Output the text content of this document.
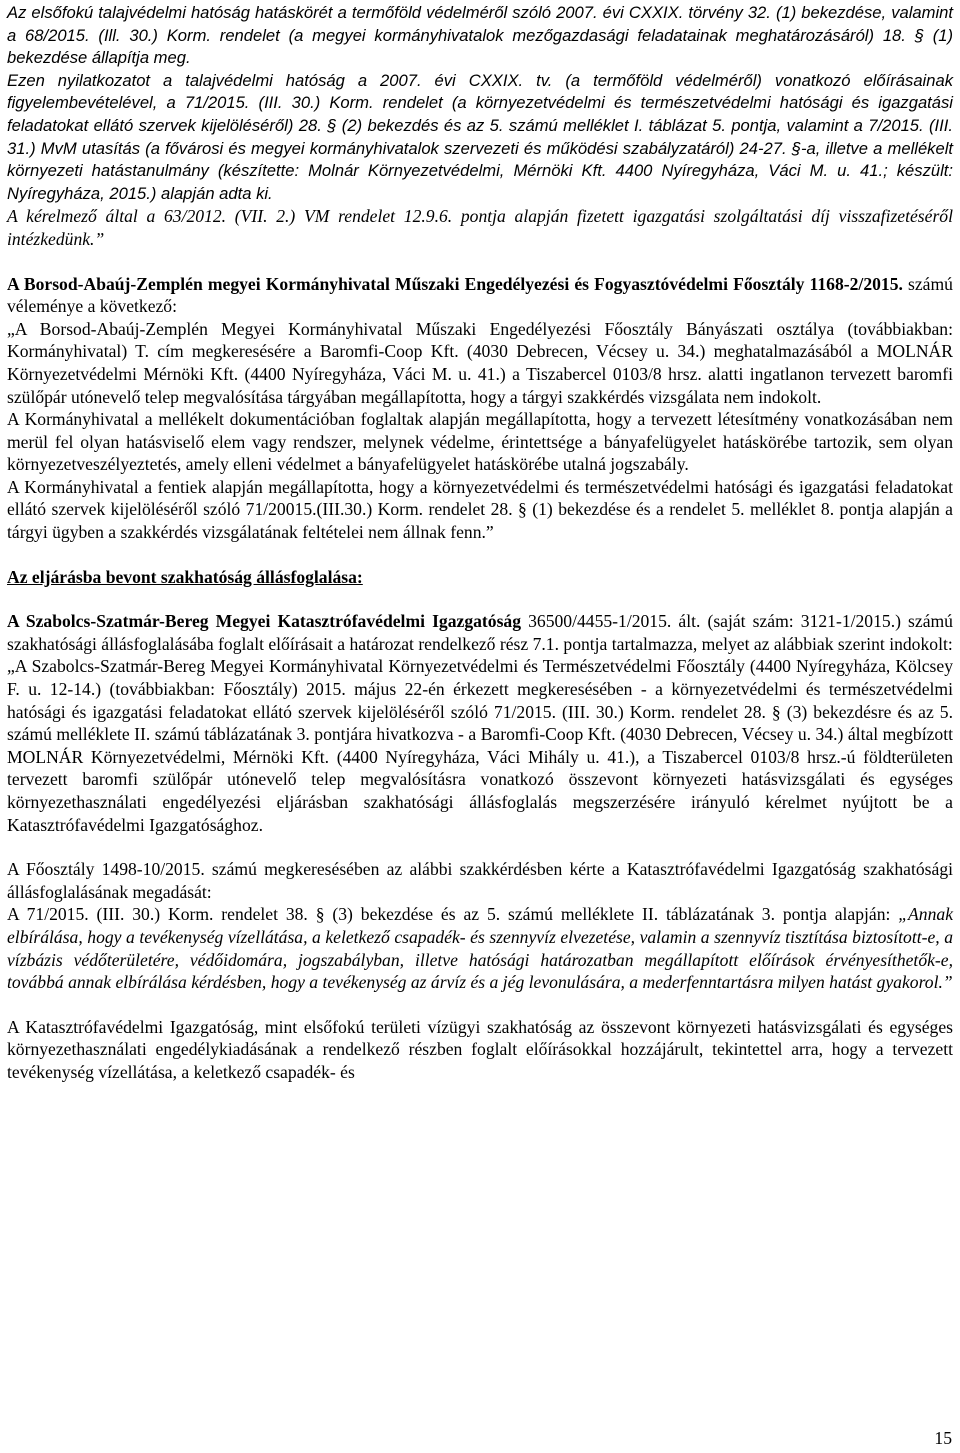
Az elsőfokú talajvédelmi hatóság hatáskörét a termőföld védelméről szóló 2007. évi CXXIX. törvény 32. (1) bekezdése, valamint a 68/2015. (Ill. 30.) Korm. rendelet (a megyei kormányhivatalok mezőgazdasági feladatainak meghatározásáról) 18. § (1) bekezdése állapítja meg.

Ezen nyilatkozatot a talajvédelmi hatóság a 2007. évi CXXIX. tv. (a termőföld védelméről) vonatkozó előírásainak figyelembevételével, a 71/2015. (III. 30.) Korm. rendelet (a környezetvédelmi és természetvédelmi hatósági és igazgatási feladatokat ellátó szervek kijelöléséről) 28. § (2) bekezdés és az 5. számú melléklet I. táblázat 5. pontja, valamint a 7/2015. (III. 31.) MvM utasítás (a fővárosi és megyei kormányhivatalok szervezeti és működési szabályzatáról) 24-27. §-a, illetve a mellékelt környezeti hatástanulmány (készítette: Molnár Környezetvédelmi, Mérnöki Kft. 4400 Nyíregyháza, Váci M. u. 41.; készült: Nyíregyháza, 2015.) alapján adta ki.

A kérelmező által a 63/2012. (VII. 2.) VM rendelet 12.9.6. pontja alapján fizetett igazgatási szolgáltatási díj visszafizetéséről intézkedünk.”

A Borsod-Abaúj-Zemplén megyei Kormányhivatal Műszaki Engedélyezési és Fogyasztóvédelmi Főosztály 1168-2/2015. számú véleménye a következő:

„A Borsod-Abaúj-Zemplén Megyei Kormányhivatal Műszaki Engedélyezési Főosztály Bányászati osztálya (továbbiakban: Kormányhivatal) T. cím megkeresésére a Baromfi-Coop Kft. (4030 Debrecen, Vécsey u. 34.) meghatalmazásából a MOLNÁR Környezetvédelmi Mérnöki Kft. (4400 Nyíregyháza, Váci M. u. 41.) a Tiszabercel 0103/8 hrsz. alatti ingatlanon tervezett baromfi szülőpár utónevelő telep megvalósítása tárgyában megállapította, hogy a tárgyi szakkérdés vizsgálata nem indokolt.

A Kormányhivatal a mellékelt dokumentációban foglaltak alapján megállapította, hogy a tervezett létesítmény vonatkozásában nem merül fel olyan hatásviselő elem vagy rendszer, melynek védelme, érintettsége a bányafelügyelet hatáskörébe tartozik, sem olyan környezetveszélyeztetés, amely elleni védelmet a bányafelügyelet hatáskörébe utalná jogszabály.

A Kormányhivatal a fentiek alapján megállapította, hogy a környezetvédelmi és természetvédelmi hatósági és igazgatási feladatokat ellátó szervek kijelöléséről szóló 71/20015.(III.30.) Korm. rendelet 28. § (1) bekezdése és a rendelet 5. melléklet 8. pontja alapján a tárgyi ügyben a szakkérdés vizsgálatának feltételei nem állnak fenn.”

Az eljárásba bevont szakhatóság állásfoglalása:

A Szabolcs-Szatmár-Bereg Megyei Katasztrófavédelmi Igazgatóság 36500/4455-1/2015. ált. (saját szám: 3121-1/2015.) számú szakhatósági állásfoglalásába foglalt előírásait a határozat rendelkező rész 7.1. pontja tartalmazza, melyet az alábbiak szerint indokolt:

„A Szabolcs-Szatmár-Bereg Megyei Kormányhivatal Környezetvédelmi és Természetvédelmi Főosztály (4400 Nyíregyháza, Kölcsey F. u. 12-14.) (továbbiakban: Főosztály) 2015. május 22-én érkezett megkeresésében - a környezetvédelmi és természetvédelmi hatósági és igazgatási feladatokat ellátó szervek kijelöléséről szóló 71/2015. (III. 30.) Korm. rendelet 28. § (3) bekezdésre és az 5. számú melléklete II. számú táblázatának 3. pontjára hivatkozva - a Baromfi-Coop Kft. (4030 Debrecen, Vécsey u. 34.) által megbízott MOLNÁR Környezetvédelmi, Mérnöki Kft. (4400 Nyíregyháza, Váci Mihály u. 41.), a Tiszabercel 0103/8 hrsz.-ú földterületen tervezett baromfi szülőpár utónevelő telep megvalósításra vonatkozó összevont környezeti hatásvizsgálati és egységes környezethasználati engedélyezési eljárásban szakhatósági állásfoglalás megszerzésére irányuló kérelmet nyújtott be a Katasztrófavédelmi Igazgatósághoz.

A Főosztály 1498-10/2015. számú megkeresésében az alábbi szakkérdésben kérte a Katasztrófavédelmi Igazgatóság szakhatósági állásfoglalásának megadását:

A 71/2015. (III. 30.) Korm. rendelet 38. § (3) bekezdése és az 5. számú melléklete II. táblázatának 3. pontja alapján: „Annak elbírálása, hogy a tevékenység vízellátása, a keletkező csapadék- és szennyvíz elvezetése, valamin a szennyvíz tisztítása biztosított-e, a vízbázis védőterületére, védőidomára, jogszabályban, illetve hatósági határozatban megállapított előírások érvényesíthetők-e, továbbá annak elbírálása kérdésben, hogy a tevékenység az árvíz és a jég levonulására, a mederfenntartásra milyen hatást gyakorol.”

A Katasztrófavédelmi Igazgatóság, mint elsőfokú területi vízügyi szakhatóság az összevont környezeti hatásvizsgálati és egységes környezethasználati engedélykiadásának a rendelkező részben foglalt előírásokkal hozzájárult, tekintettel arra, hogy a tervezett tevékenység vízellátása, a keletkező csapadék- és

15
